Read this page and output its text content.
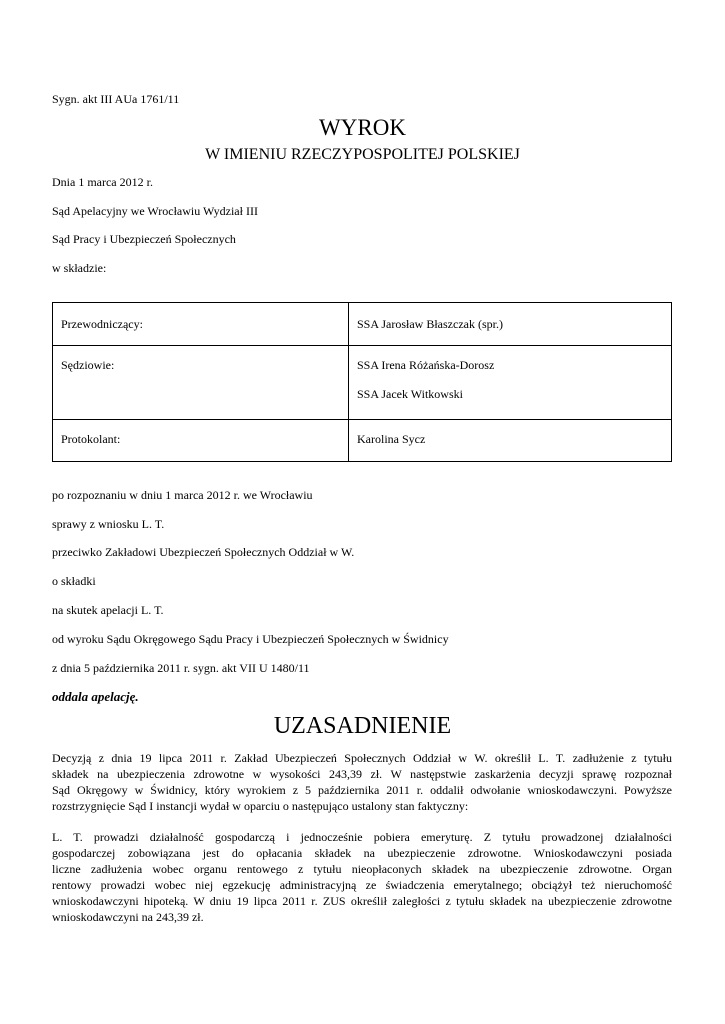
Sygn. akt III AUa 1761/11
WYROK
W IMIENIU RZECZYPOSPOLITEJ POLSKIEJ
Dnia 1 marca 2012 r.
Sąd Apelacyjny we Wrocławiu Wydział III
Sąd Pracy i Ubezpieczeń Społecznych
w składzie:
Przewodniczący:	SSA Jarosław Błaszczak (spr.)
Sędziowie:	SSA Irena Różańska-Dorosz
SSA Jacek Witkowski

Protokolant:	Karolina Sycz
po rozpoznaniu w dniu 1 marca 2012 r. we Wrocławiu
sprawy z wniosku L. T.
przeciwko Zakładowi Ubezpieczeń Społecznych Oddział w W.
o składki
na skutek apelacji L. T.
od wyroku Sądu Okręgowego Sądu Pracy i Ubezpieczeń Społecznych w Świdnicy
z dnia 5 października 2011 r. sygn. akt VII U 1480/11
oddala apelację.
UZASADNIENIE
Decyzją z dnia 19 lipca 2011 r. Zakład Ubezpieczeń Społecznych Oddział w W. określił L. T. zadłużenie z tytułu
składek na ubezpieczenia zdrowotne w wysokości 243,39 zł. W następstwie zaskarżenia decyzji sprawę rozpoznał
Sąd Okręgowy w Świdnicy, który wyrokiem z 5 października 2011 r. oddalił odwołanie wnioskodawczyni. Powyższe
rozstrzygnięcie Sąd I instancji wydał w oparciu o następująco ustalony stan faktyczny:
L. T. prowadzi działalność gospodarczą i jednocześnie pobiera emeryturę. Z tytułu prowadzonej działalności
gospodarczej zobowiązana jest do opłacania składek na ubezpieczenie zdrowotne. Wnioskodawczyni posiada
liczne zadłużenia wobec organu rentowego z tytułu nieopłaconych składek na ubezpieczenie zdrowotne. Organ
rentowy prowadzi wobec niej egzekucję administracyjną ze świadczenia emerytalnego; obciążył też nieruchomość
wnioskodawczyni hipoteką. W dniu 19 lipca 2011 r. ZUS określił zaległości z tytułu składek na ubezpieczenie zdrowotne
wnioskodawczyni na 243,39 zł.
